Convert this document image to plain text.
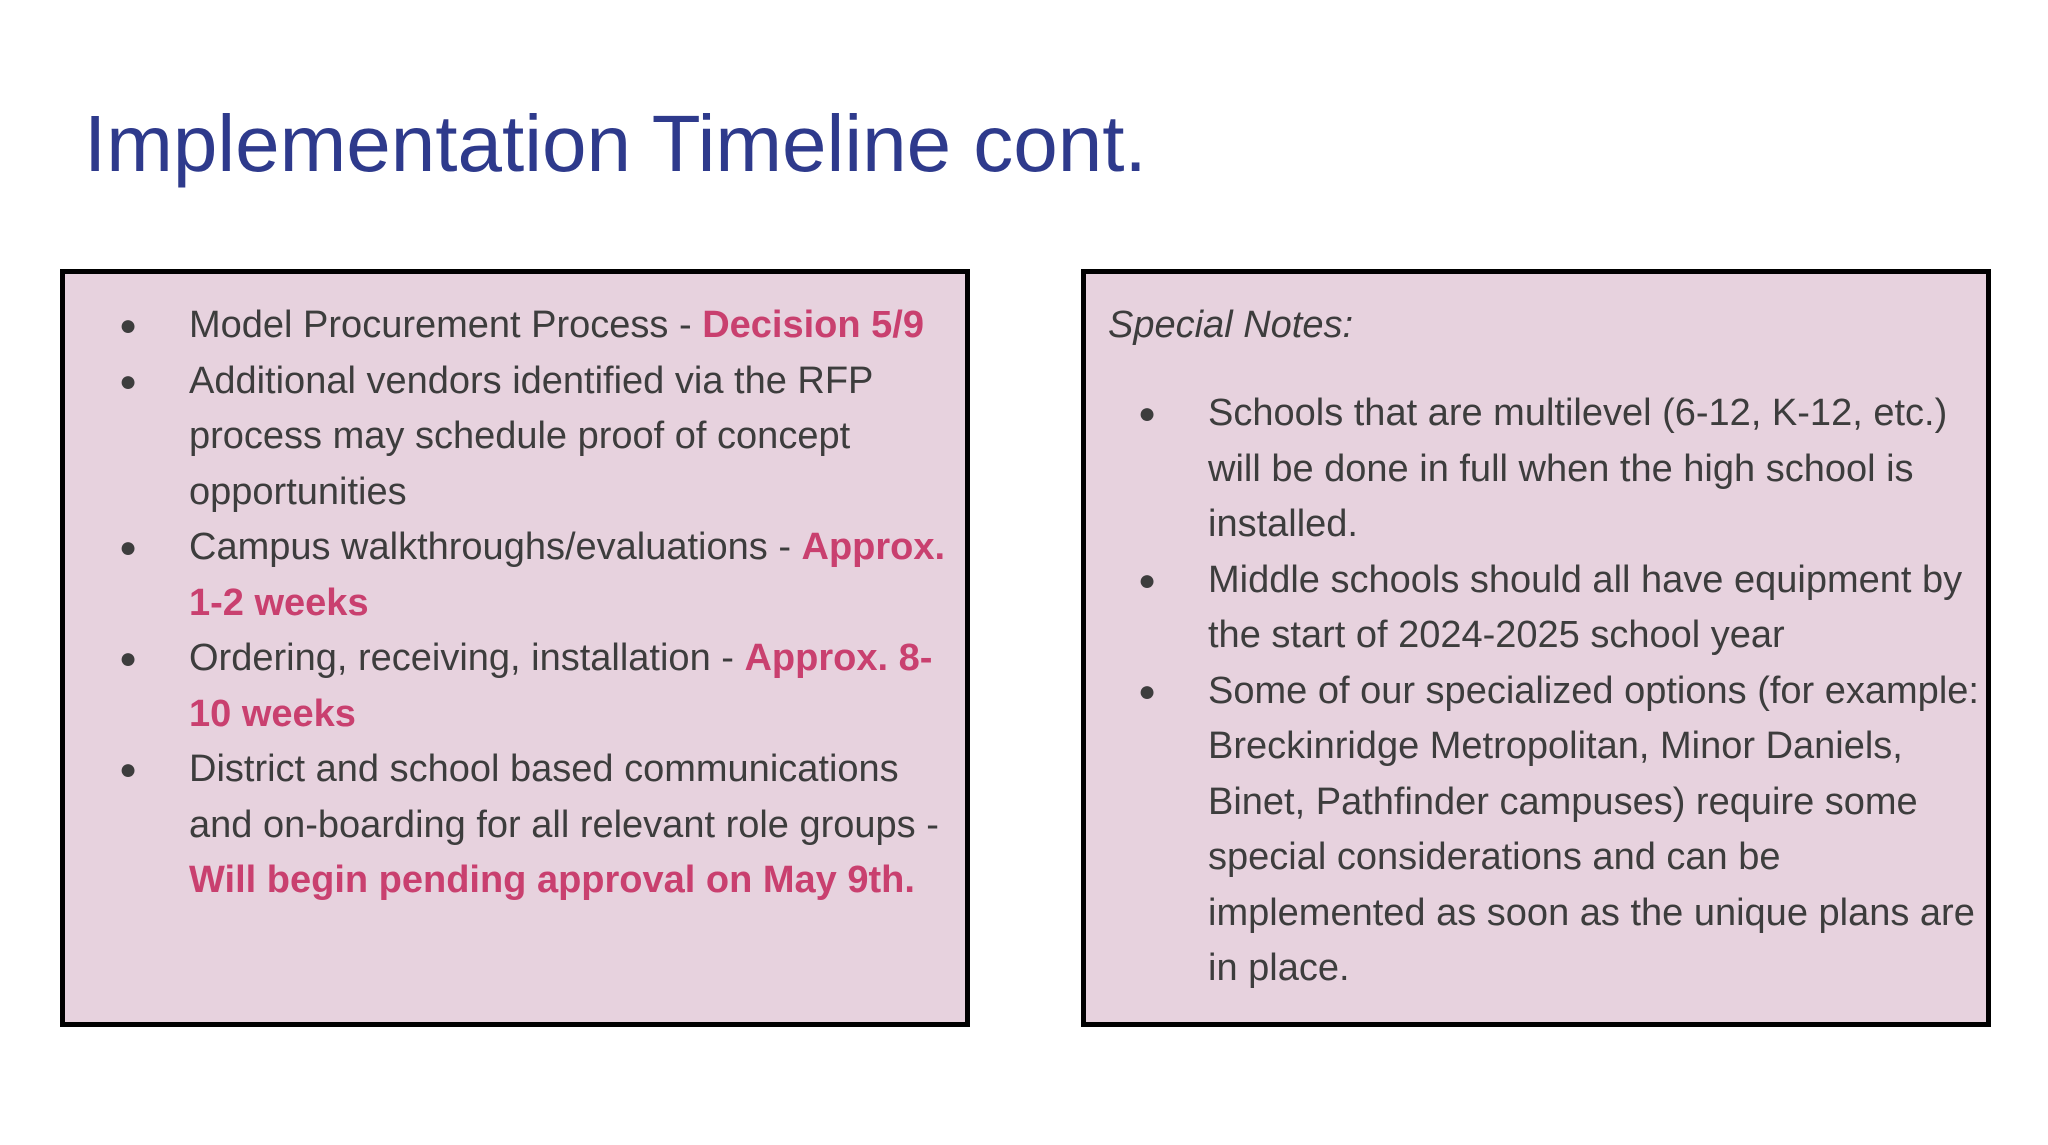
Implementation Timeline cont.
● Model Procurement Process - Decision 5/9
● Additional vendors identified via the RFP process may schedule proof of concept opportunities
● Campus walkthroughs/evaluations - Approx. 1-2 weeks
● Ordering, receiving, installation - Approx. 8-10 weeks
● District and school based communications and on-boarding for all relevant role groups - Will begin pending approval on May 9th.

Special Notes:

● Schools that are multilevel (6-12, K-12, etc.) will be done in full when the high school is installed.
● Middle schools should all have equipment by the start of 2024-2025 school year
● Some of our specialized options (for example: Breckinridge Metropolitan, Minor Daniels, Binet, Pathfinder campuses) require some special considerations and can be implemented as soon as the unique plans are in place.
